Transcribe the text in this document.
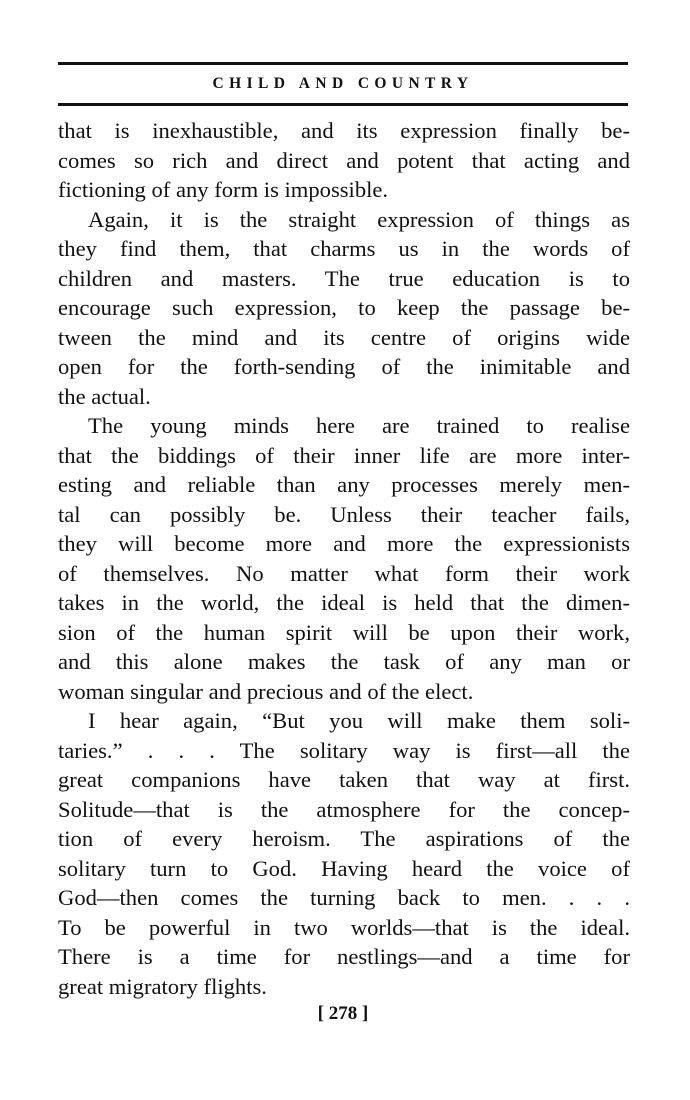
CHILD AND COUNTRY
that is inexhaustible, and its expression finally be-
comes so rich and direct and potent that acting and
fictioning of any form is impossible.
Again, it is the straight expression of things as
they find them, that charms us in the words of
children and masters. The true education is to
encourage such expression, to keep the passage be-
tween the mind and its centre of origins wide
open for the forth-sending of the inimitable and
the actual.
The young minds here are trained to realise
that the biddings of their inner life are more inter-
esting and reliable than any processes merely men-
tal can possibly be. Unless their teacher fails,
they will become more and more the expressionists
of themselves. No matter what form their work
takes in the world, the ideal is held that the dimen-
sion of the human spirit will be upon their work,
and this alone makes the task of any man or
woman singular and precious and of the elect.
I hear again, “But you will make them soli-
taries.” . . . The solitary way is first—all the
great companions have taken that way at first.
Solitude—that is the atmosphere for the concep-
tion of every heroism. The aspirations of the
solitary turn to God. Having heard the voice of
God—then comes the turning back to men. . . .
To be powerful in two worlds—that is the ideal.
There is a time for nestlings—and a time for
great migratory flights.
[ 278 ]
